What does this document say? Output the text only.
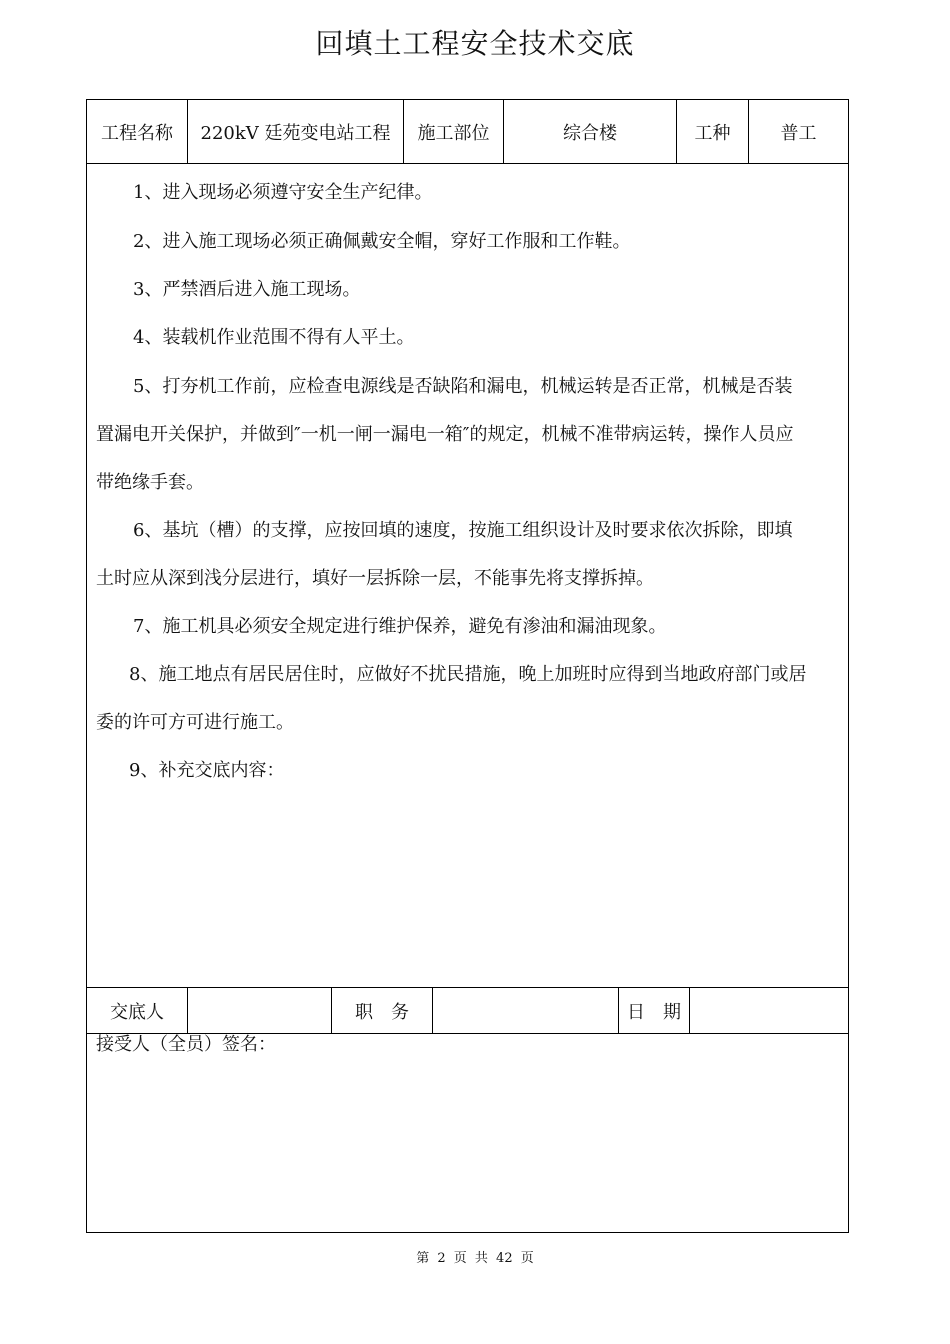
回填土工程安全技术交底
工程名称	220kV 廷苑变电站工程	施工部位	综合楼	工种	普工
1、进入现场必须遵守安全生产纪律。
2、进入施工现场必须正确佩戴安全帽，穿好工作服和工作鞋。
3、严禁酒后进入施工现场。
4、装载机作业范围不得有人平土。
5、打夯机工作前，应检查电源线是否缺陷和漏电，机械运转是否正常，机械是否装
置漏电开关保护，并做到″一机一闸一漏电一箱″的规定，机械不准带病运转，操作人员应
带绝缘手套。
6、基坑（槽）的支撑，应按回填的速度，按施工组织设计及时要求依次拆除，即填
土时应从深到浅分层进行，填好一层拆除一层，不能事先将支撑拆掉。
7、施工机具必须安全规定进行维护保养，避免有渗油和漏油现象。
8、施工地点有居民居住时，应做好不扰民措施，晚上加班时应得到当地政府部门或居
委的许可方可进行施工。
9、补充交底内容：
交底人	职　务	日　期
接受人（全员）签名：
第 2 页 共 42 页
